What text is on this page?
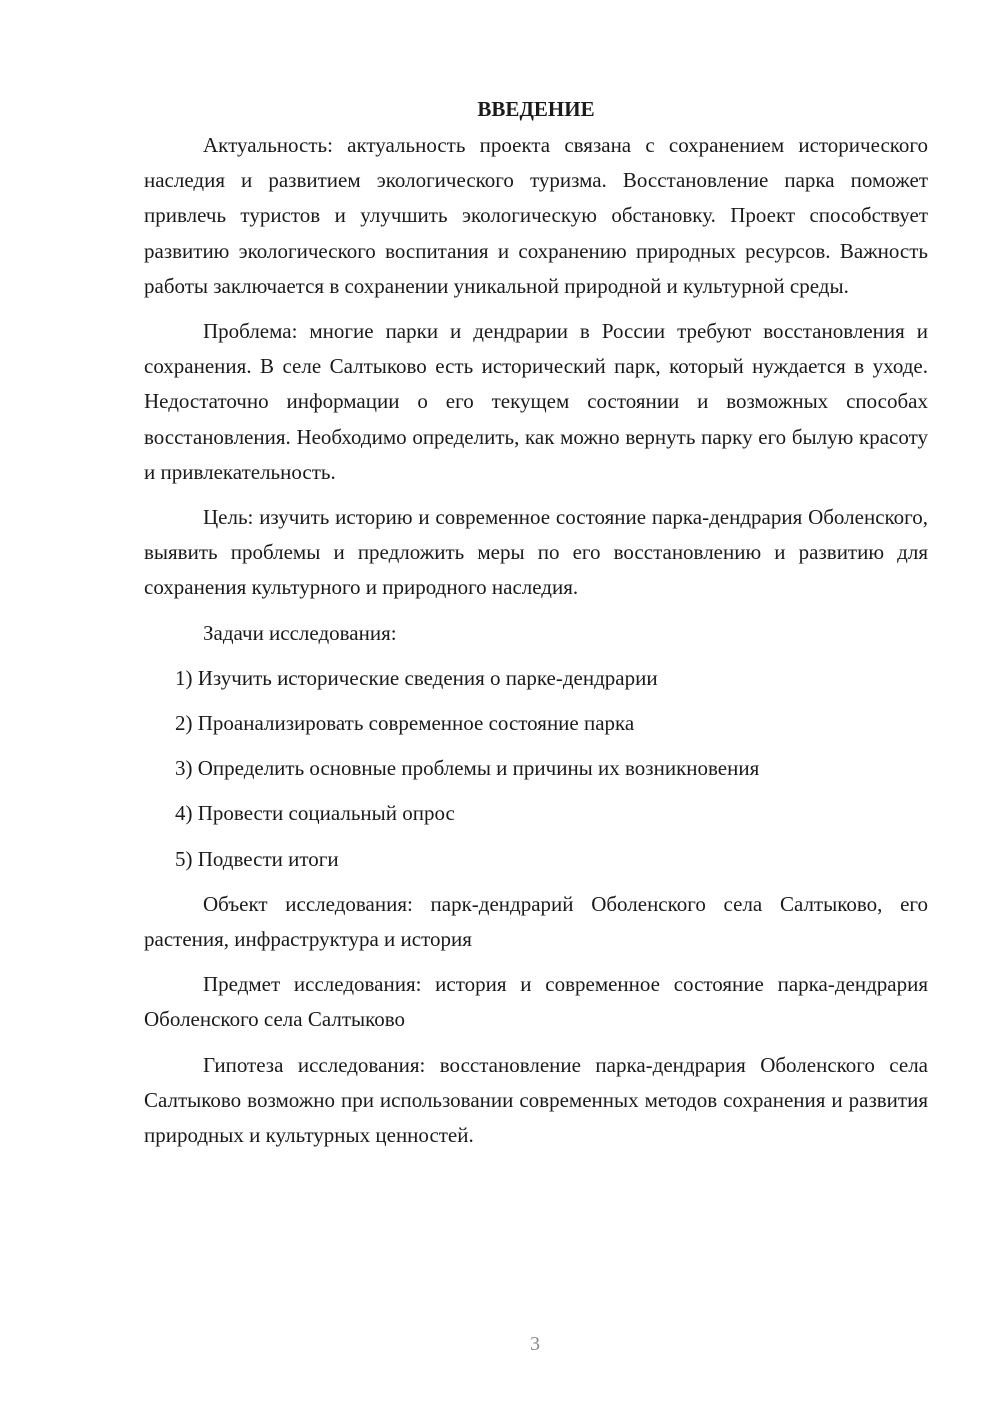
ВВЕДЕНИЕ

Актуальность: актуальность проекта связана с сохранением исторического наследия и развитием экологического туризма. Восстановление парка поможет привлечь туристов и улучшить экологическую обстановку. Проект способствует развитию экологического воспитания и сохранению природных ресурсов. Важность работы заключается в сохранении уникальной природной и культурной среды.

Проблема: многие парки и дендрарии в России требуют восстановления и сохранения. В селе Салтыково есть исторический парк, который нуждается в уходе. Недостаточно информации о его текущем состоянии и возможных способах восстановления. Необходимо определить, как можно вернуть парку его былую красоту и привлекательность.

Цель: изучить историю и современное состояние парка-дендрария Оболенского, выявить проблемы и предложить меры по его восстановлению и развитию для сохранения культурного и природного наследия.

Задачи исследования:
1) Изучить исторические сведения о парке-дендрарии
2) Проанализировать современное состояние парка
3) Определить основные проблемы и причины их возникновения
4) Провести социальный опрос
5) Подвести итоги

Объект исследования: парк-дендрарий Оболенского села Салтыково, его растения, инфраструктура и история

Предмет исследования: история и современное состояние парка-дендрария Оболенского села Салтыково

Гипотеза исследования: восстановление парка-дендрария Оболенского села Салтыково возможно при использовании современных методов сохранения и развития природных и культурных ценностей.

3
